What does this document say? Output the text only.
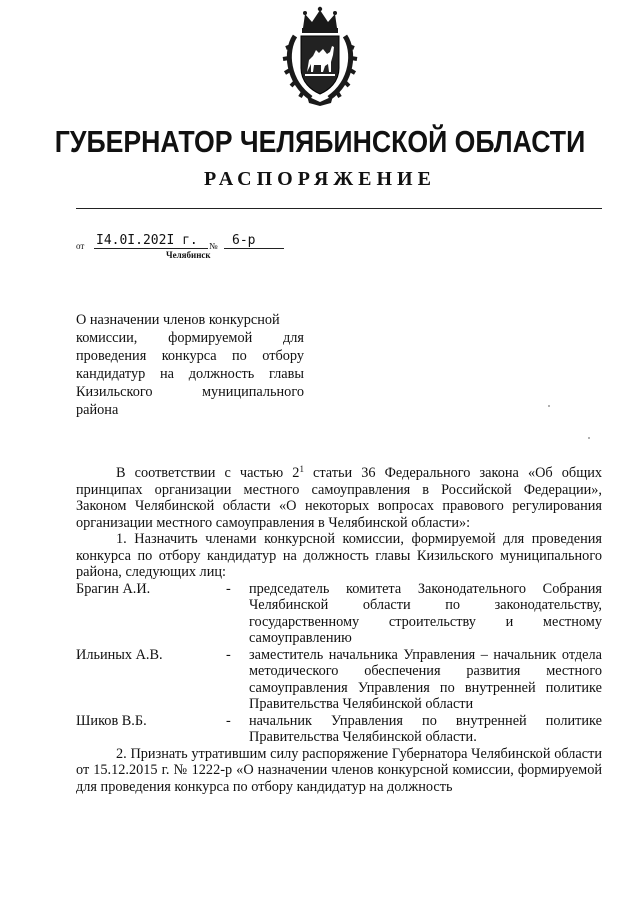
ГУБЕРНАТОР ЧЕЛЯБИНСКОЙ ОБЛАСТИ
РАСПОРЯЖЕНИЕ
от I4.0I.202I г.	№	6-р
Челябинск
О назначении членов конкурсной
комиссии, формируемой для
проведения конкурса по отбору
кандидатур на должность главы
Кизильского	муниципального
района

В соответствии с частью $2^1$ статьи 36 Федерального закона «Об общих принципах организации местного самоуправления в Российской Федерации», Законом Челябинской области «О некоторых вопросах правового регулирования организации местного самоуправления в Челябинской области»:

1. Назначить членами конкурсной комиссии, формируемой для проведения конкурса по отбору кандидатур на должность главы Кизильского муниципального района, следующих лиц:

Брагин А.И.	-	председатель комитета Законодательного Собрания Челябинской области по законодательству, государственному строительству и местному самоуправлению
Ильиных А.В.	-	заместитель начальника Управления – начальник отдела методического обеспечения развития местного самоуправления Управления по внутренней политике Правительства Челябинской области
Шиков В.Б.	-	начальник Управления по внутренней политике Правительства Челябинской области.

2. Признать утратившим силу распоряжение Губернатора Челябинской области от 15.12.2015 г. № 1222-р «О назначении членов конкурсной комиссии, формируемой для проведения конкурса по отбору кандидатур на должность
